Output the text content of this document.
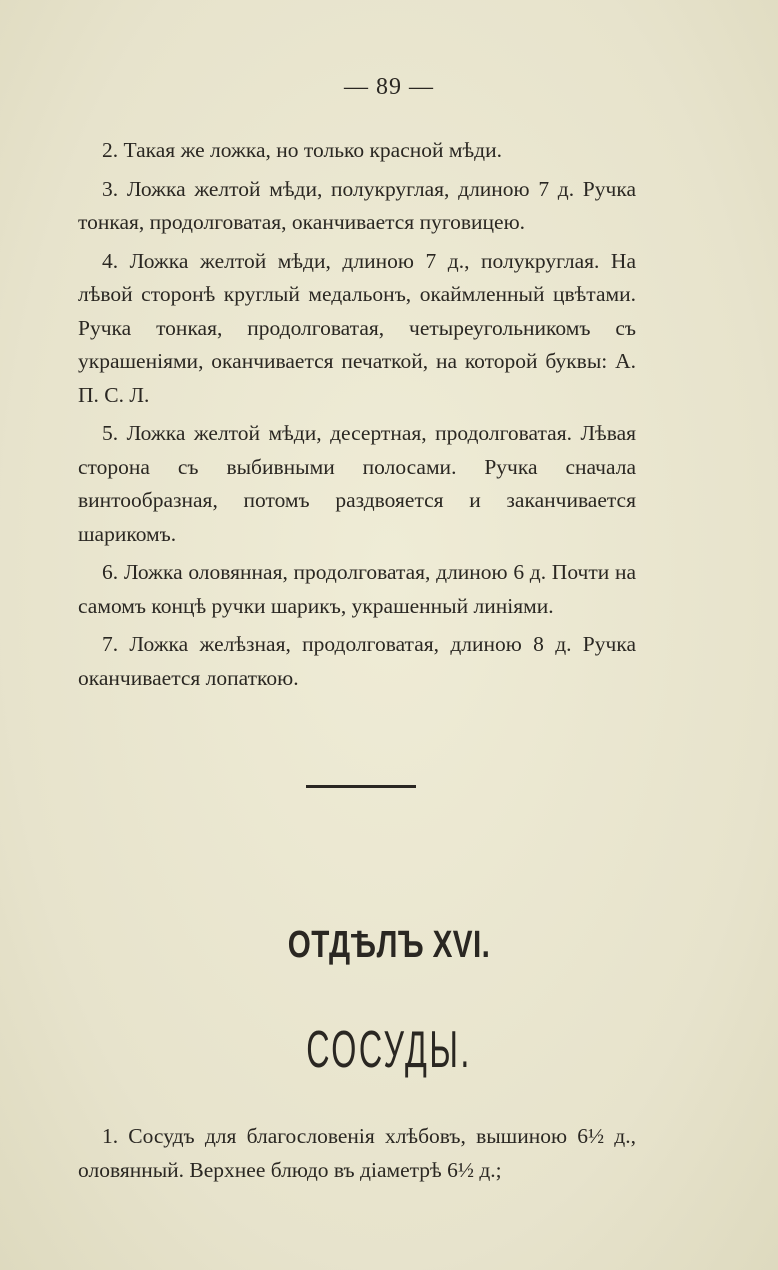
— 89 —

2. Такая же ложка, но только красной мѣди.

3. Ложка желтой мѣди, полукруглая, длиною 7 д. Ручка тонкая, продолговатая, оканчивается пуговицею.

4. Ложка желтой мѣди, длиною 7 д., полукруглая. На лѣвой сторонѣ круглый медальонъ, окаймленный цвѣтами. Ручка тонкая, продолговатая, четыреугольникомъ съ украшеніями, оканчивается печаткой, на которой буквы: А. П. С. Л.

5. Ложка желтой мѣди, десертная, продолговатая. Лѣвая сторона съ выбивными полосами. Ручка сначала винтообразная, потомъ раздвояется и заканчивается шарикомъ.

6. Ложка оловянная, продолговатая, длиною 6 д. Почти на самомъ концѣ ручки шарикъ, украшенный линіями.

7. Ложка желѣзная, продолговатая, длиною 8 д. Ручка оканчивается лопаткою.

ОТДѢЛЪ XVI.
СОСУДЫ.

1. Сосудъ для благословенія хлѣбовъ, вышиною 6½ д., оловянный. Верхнее блюдо въ діаметрѣ 6½ д.;
